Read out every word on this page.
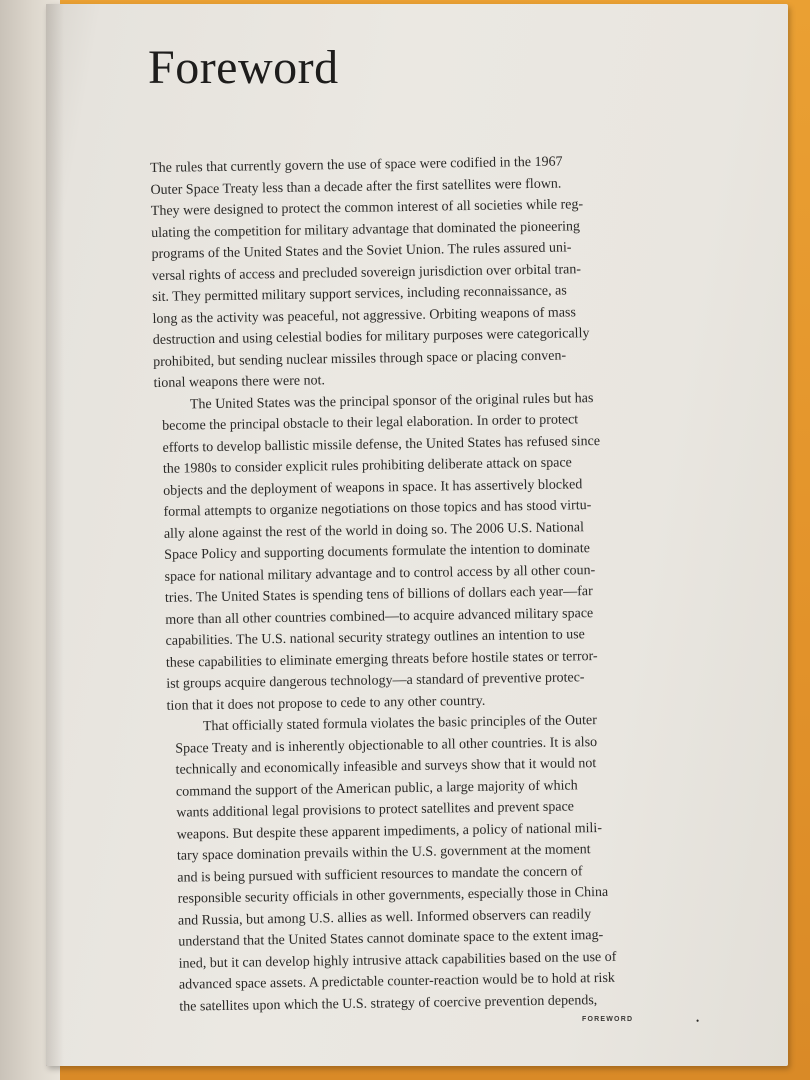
Foreword
The rules that currently govern the use of space were codified in the 1967
Outer Space Treaty less than a decade after the first satellites were flown.
They were designed to protect the common interest of all societies while reg-
ulating the competition for military advantage that dominated the pioneering
programs of the United States and the Soviet Union. The rules assured uni-
versal rights of access and precluded sovereign jurisdiction over orbital tran-
sit. They permitted military support services, including reconnaissance, as
long as the activity was peaceful, not aggressive. Orbiting weapons of mass
destruction and using celestial bodies for military purposes were categorically
prohibited, but sending nuclear missiles through space or placing conven-
tional weapons there were not.
The United States was the principal sponsor of the original rules but has
become the principal obstacle to their legal elaboration. In order to protect
efforts to develop ballistic missile defense, the United States has refused since
the 1980s to consider explicit rules prohibiting deliberate attack on space
objects and the deployment of weapons in space. It has assertively blocked
formal attempts to organize negotiations on those topics and has stood virtu-
ally alone against the rest of the world in doing so. The 2006 U.S. National
Space Policy and supporting documents formulate the intention to dominate
space for national military advantage and to control access by all other coun-
tries. The United States is spending tens of billions of dollars each year—far
more than all other countries combined—to acquire advanced military space
capabilities. The U.S. national security strategy outlines an intention to use
these capabilities to eliminate emerging threats before hostile states or terror-
ist groups acquire dangerous technology—a standard of preventive protec-
tion that it does not propose to cede to any other country.
That officially stated formula violates the basic principles of the Outer
Space Treaty and is inherently objectionable to all other countries. It is also
technically and economically infeasible and surveys show that it would not
command the support of the American public, a large majority of which
wants additional legal provisions to protect satellites and prevent space
weapons. But despite these apparent impediments, a policy of national mili-
tary space domination prevails within the U.S. government at the moment
and is being pursued with sufficient resources to mandate the concern of
responsible security officials in other governments, especially those in China
and Russia, but among U.S. allies as well. Informed observers can readily
understand that the United States cannot dominate space to the extent imag-
ined, but it can develop highly intrusive attack capabilities based on the use of
advanced space assets. A predictable counter-reaction would be to hold at risk
the satellites upon which the U.S. strategy of coercive prevention depends,
FOREWORD	•
